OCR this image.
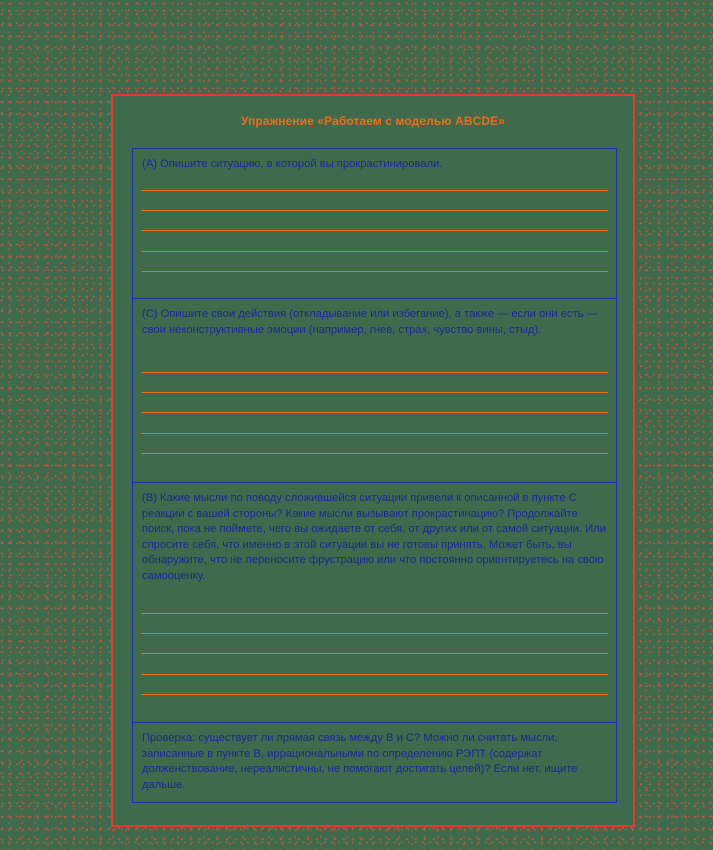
Упражнение «Работаем с моделью ABCDE»
(A) Опишите ситуацию, в которой вы прокрастинировали.
(C) Опишите свои действия (откладывание или избегание), а также — если они есть — свои неконструктивные эмоции (например, гнев, страх, чувство вины, стыд).
(B) Какие мысли по поводу сложившейся ситуации привели к описанной в пункте С реакции с вашей стороны? Какие мысли вызывают прокрастинацию? Продолжайте поиск, пока не поймете, чего вы ожидаете от себя, от других или от самой ситуации. Или спросите себя, что именно в этой ситуации вы не готовы принять. Может быть, вы обнаружите, что не переносите фрустрацию или что постоянно ориентируетесь на свою самооценку.
Проверка: существует ли прямая связь между B и C? Можно ли считать мысли, записанные в пункте B, иррациональными по определению РЭПТ (содержат долженствование, нереалистичны, не помогают достигать целей)? Если нет, ищите дальше.
